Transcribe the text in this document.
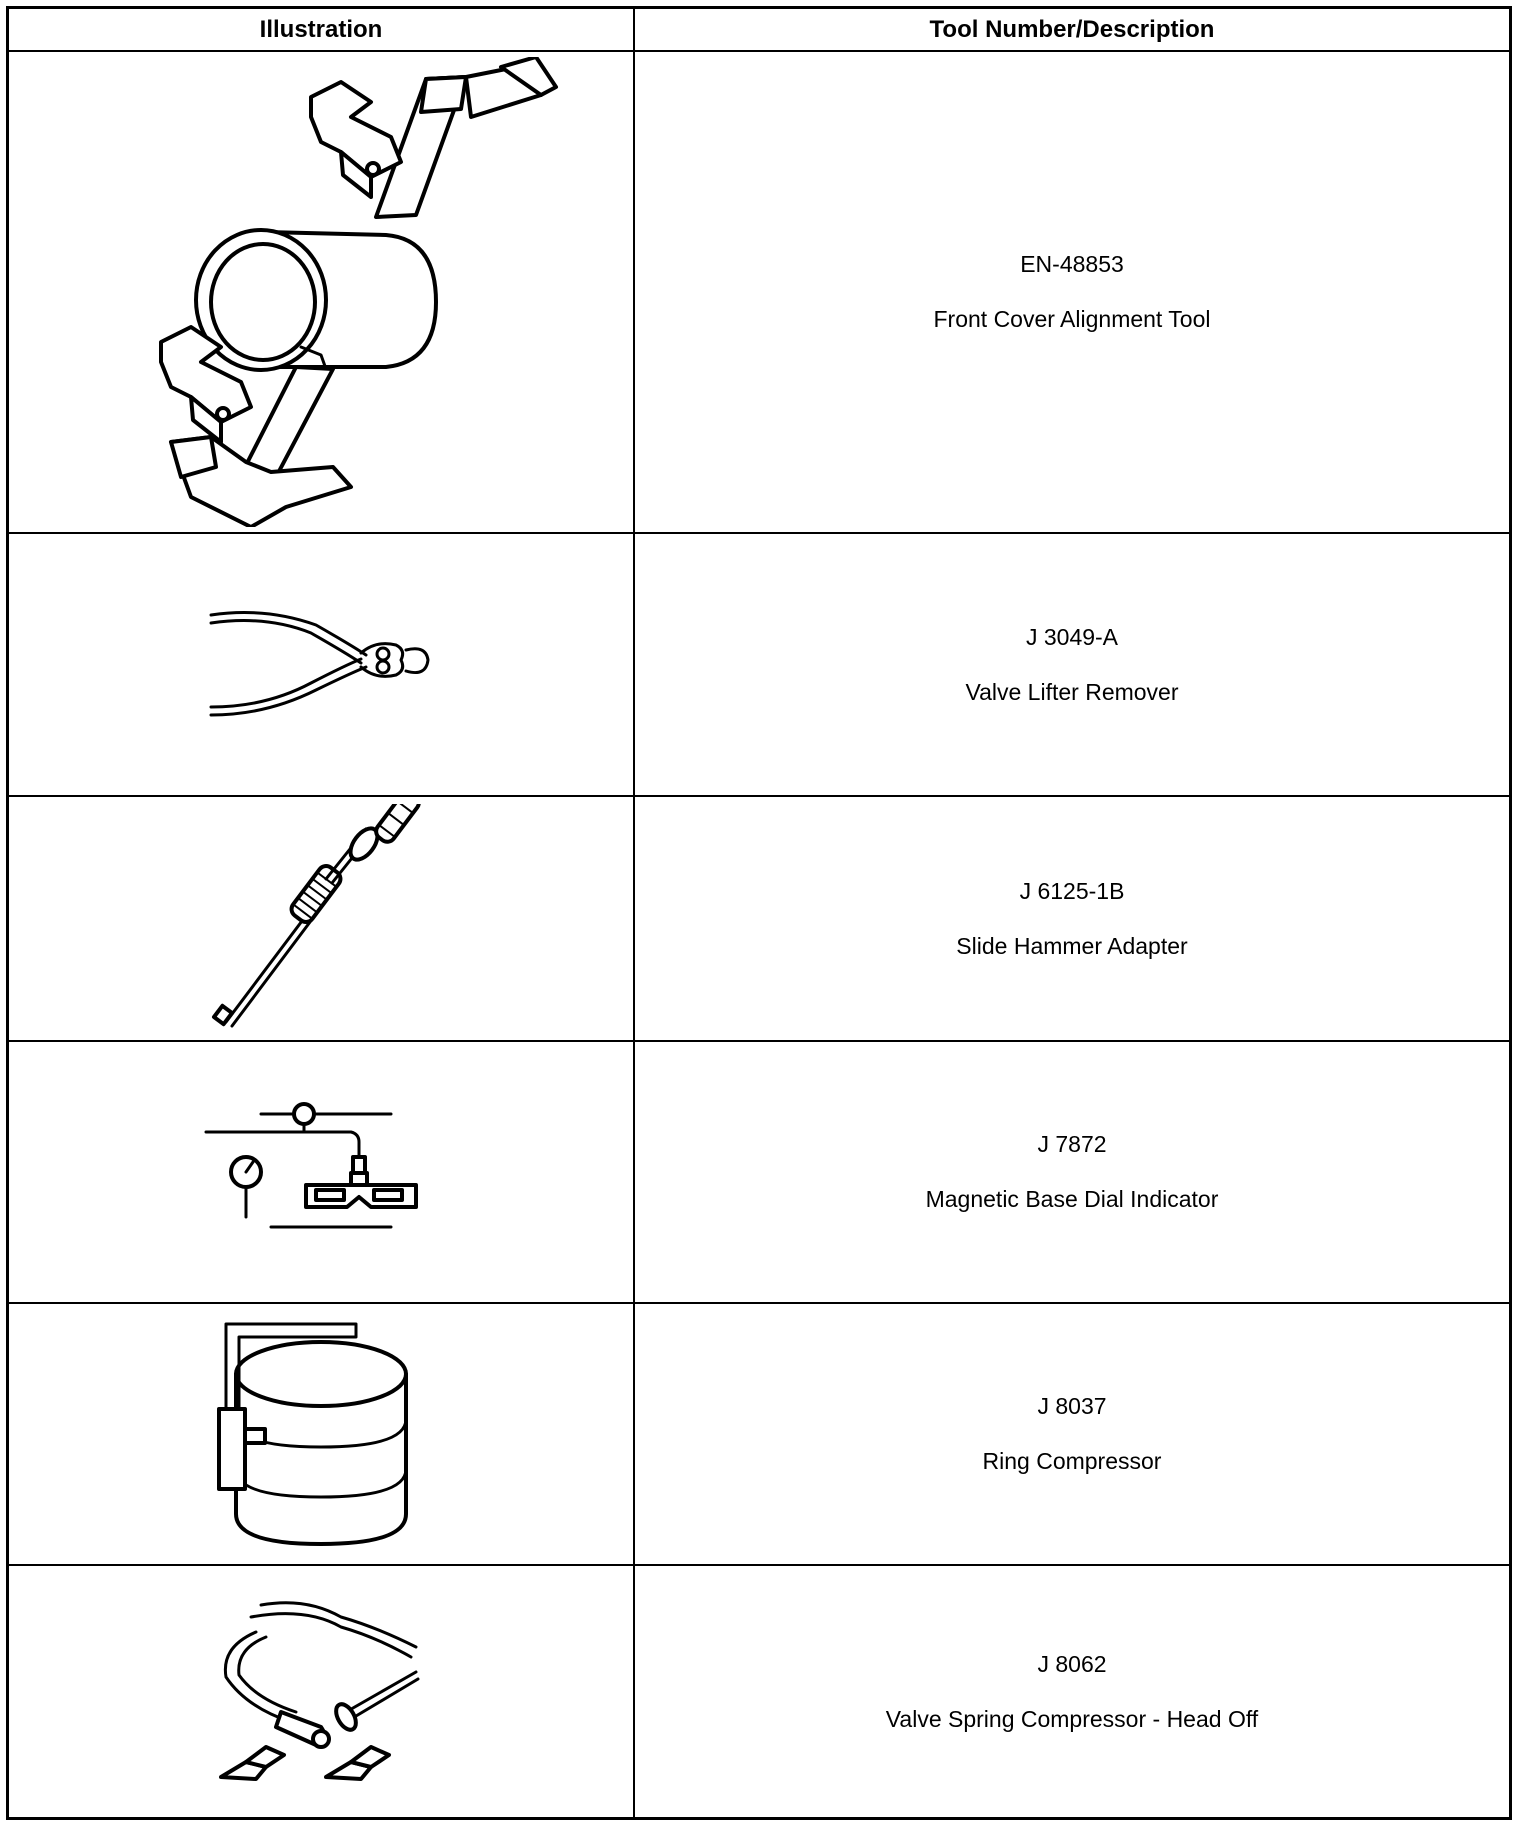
Illustration	Tool Number/Description
EN-48853
Front Cover Alignment Tool
J 3049-A
Valve Lifter Remover
J 6125-1B
Slide Hammer Adapter
J 7872
Magnetic Base Dial Indicator
J 8037
Ring Compressor
J 8062
Valve Spring Compressor - Head Off
